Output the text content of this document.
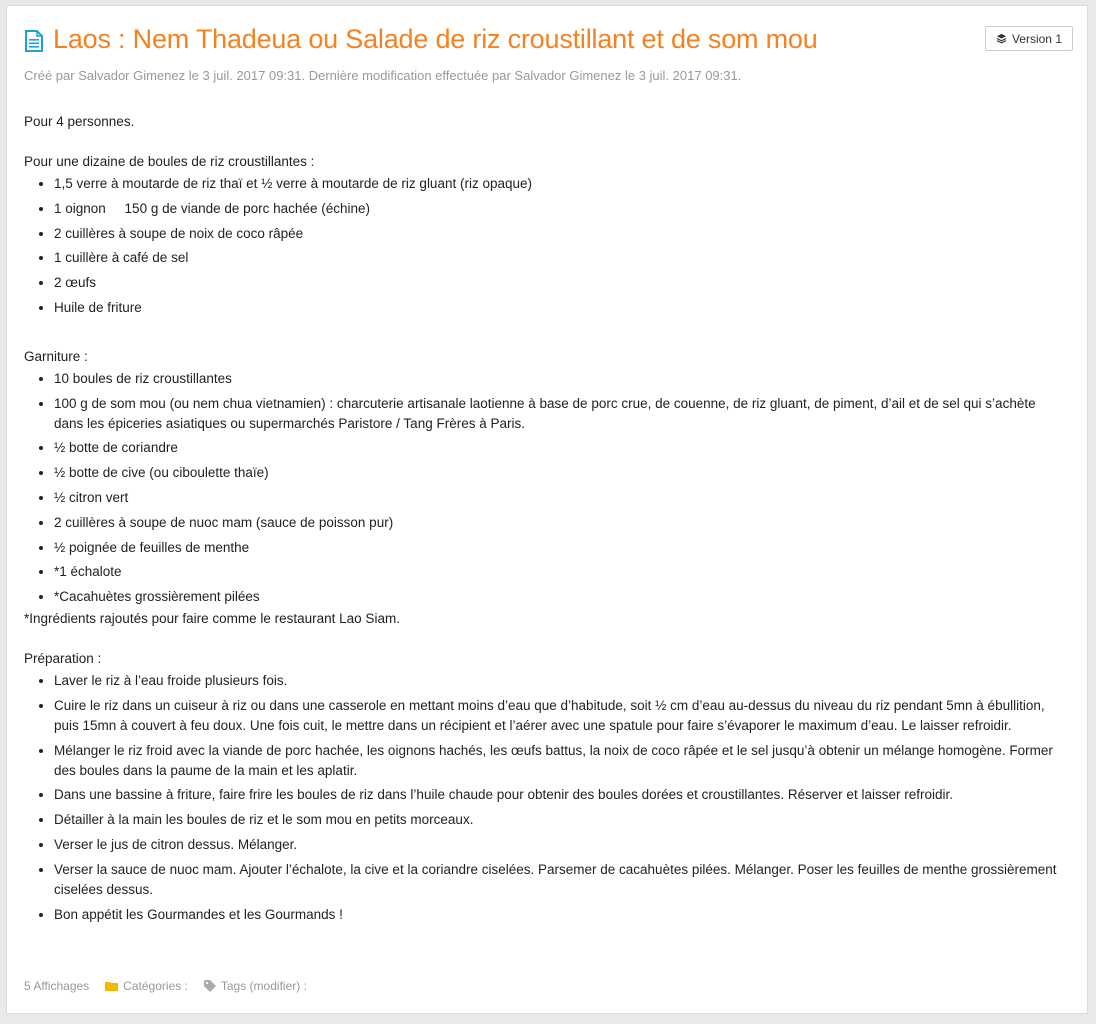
Laos : Nem Thadeua ou Salade de riz croustillant et de som mou	Version 1

Créé par Salvador Gimenez le 3 juil. 2017 09:31. Dernière modification effectuée par Salvador Gimenez le 3 juil. 2017 09:31.

Pour 4 personnes.

Pour une dizaine de boules de riz croustillantes :

• 1,5 verre à moutarde de riz thaï et ½ verre à moutarde de riz gluant (riz opaque)
• 1 oignon     150 g de viande de porc hachée (échine)
• 2 cuillères à soupe de noix de coco râpée
• 1 cuillère à café de sel
• 2 œufs
• Huile de friture

Garniture :

• 10 boules de riz croustillantes
• 100 g de som mou (ou nem chua vietnamien) : charcuterie artisanale laotienne à base de porc crue, de couenne, de riz gluant, de piment, d’ail et de sel qui s’achète dans les épiceries asiatiques ou supermarchés Paristore / Tang Frères à Paris.
• ½ botte de coriandre
• ½ botte de cive (ou ciboulette thaïe)
• ½ citron vert
• 2 cuillères à soupe de nuoc mam (sauce de poisson pur)
• ½ poignée de feuilles de menthe
• *1 échalote
• *Cacahuètes grossièrement pilées

*Ingrédients rajoutés pour faire comme le restaurant Lao Siam.

Préparation :

• Laver le riz à l’eau froide plusieurs fois.
• Cuire le riz dans un cuiseur à riz ou dans une casserole en mettant moins d’eau que d’habitude, soit ½ cm d’eau au-dessus du niveau du riz pendant 5mn à ébullition, puis 15mn à couvert à feu doux. Une fois cuit, le mettre dans un récipient et l’aérer avec une spatule pour faire s’évaporer le maximum d’eau. Le laisser refroidir.
• Mélanger le riz froid avec la viande de porc hachée, les oignons hachés, les œufs battus, la noix de coco râpée et le sel jusqu’à obtenir un mélange homogène. Former des boules dans la paume de la main et les aplatir.
• Dans une bassine à friture, faire frire les boules de riz dans l’huile chaude pour obtenir des boules dorées et croustillantes. Réserver et laisser refroidir.
• Détailler à la main les boules de riz et le som mou en petits morceaux.
• Verser le jus de citron dessus. Mélanger.
• Verser la sauce de nuoc mam. Ajouter l’échalote, la cive et la coriandre ciselées. Parsemer de cacahuètes pilées. Mélanger. Poser les feuilles de menthe grossièrement ciselées dessus.
• Bon appétit les Gourmandes et les Gourmands !
5 Affichages	Catégories :	Tags (modifier) :
